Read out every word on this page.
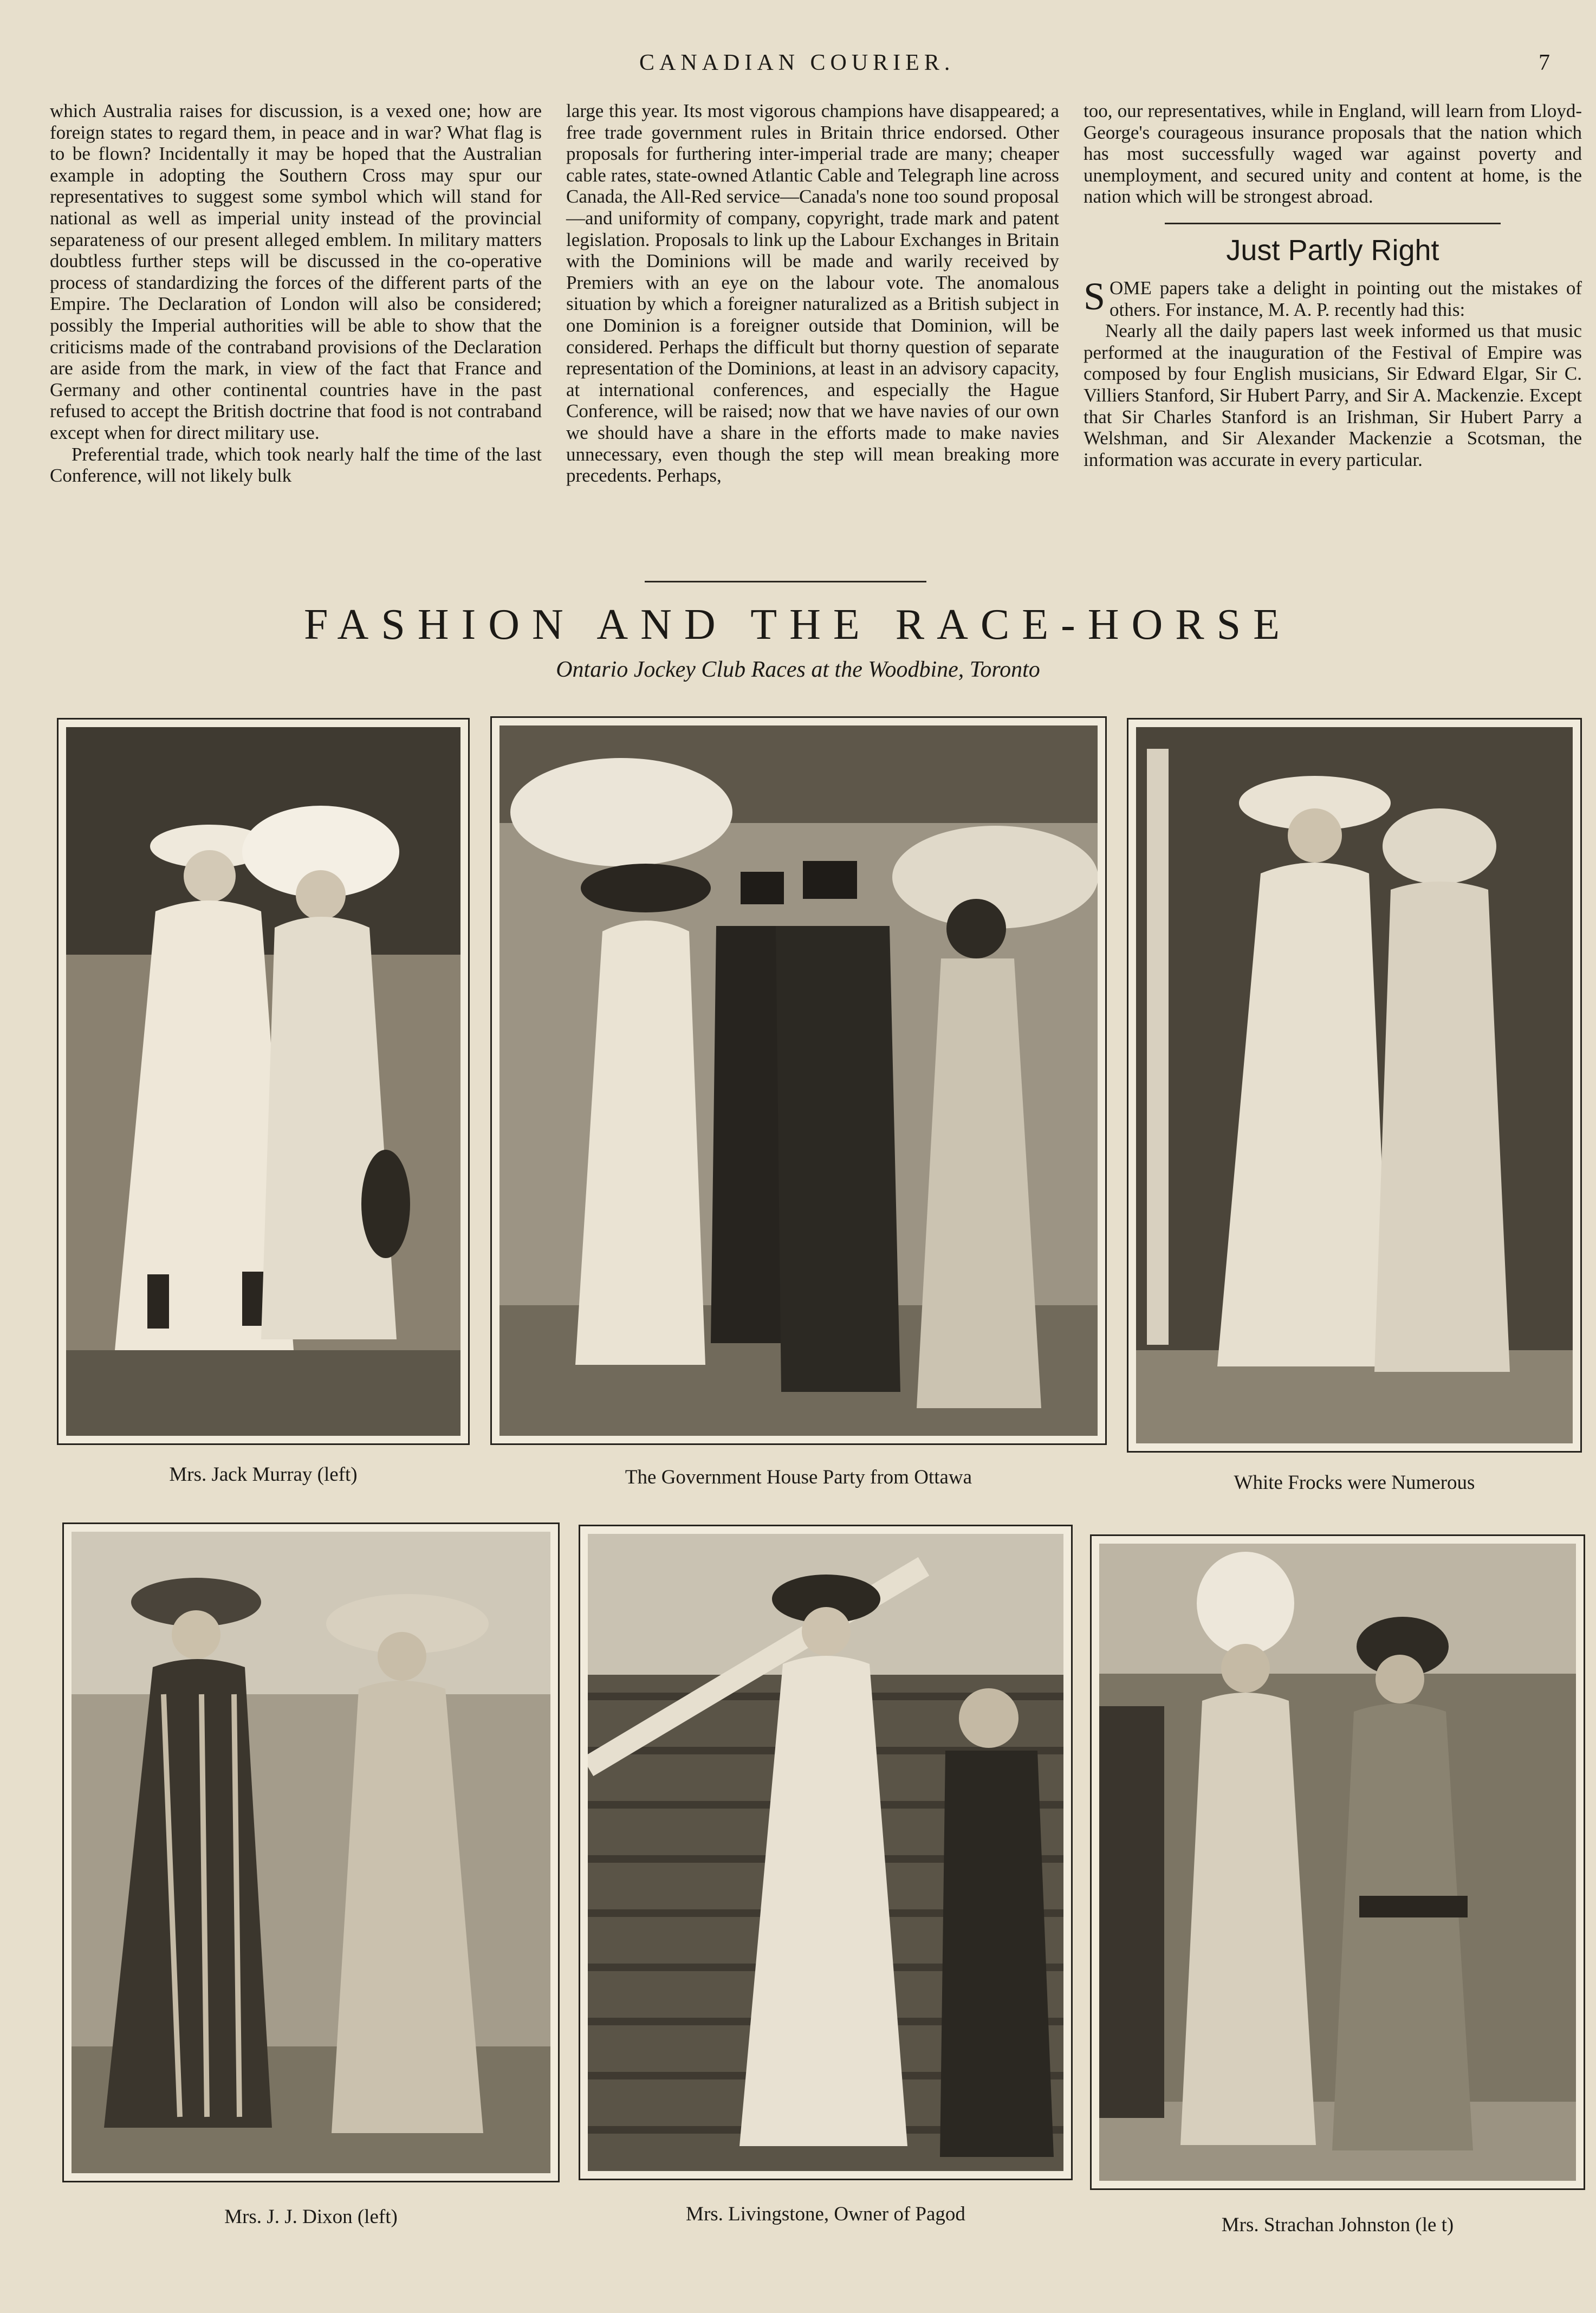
CANADIAN COURIER.	7

which Australia raises for discussion, is a vexed one; how are foreign states to regard them, in peace and in war? What flag is to be flown? Incidentally it may be hoped that the Australian example in adopting the Southern Cross may spur our representatives to suggest some symbol which will stand for national as well as imperial unity instead of the provincial separateness of our present alleged emblem. In military matters doubtless further steps will be discussed in the co-operative process of standardizing the forces of the different parts of the Empire. The Declaration of London will also be considered; possibly the Imperial authorities will be able to show that the criticisms made of the contraband provisions of the Declaration are aside from the mark, in view of the fact that France and Germany and other continental countries have in the past refused to accept the British doctrine that food is not contraband except when for direct military use.

Preferential trade, which took nearly half the time of the last Conference, will not likely bulk

large this year. Its most vigorous champions have disappeared; a free trade government rules in Britain thrice endorsed. Other proposals for furthering inter-imperial trade are many; cheaper cable rates, state-owned Atlantic Cable and Telegraph line across Canada, the All-Red service—Canada's none too sound proposal—and uniformity of company, copyright, trade mark and patent legislation. Proposals to link up the Labour Exchanges in Britain with the Dominions will be made and warily received by Premiers with an eye on the labour vote. The anomalous situation by which a foreigner naturalized as a British subject in one Dominion is a foreigner outside that Dominion, will be considered. Perhaps the difficult but thorny question of separate representation of the Dominions, at least in an advisory capacity, at international conferences, and especially the Hague Conference, will be raised; now that we have navies of our own we should have a share in the efforts made to make navies unnecessary, even though the step will mean breaking more precedents. Perhaps,

too, our representatives, while in England, will learn from Lloyd-George's courageous insurance proposals that the nation which has most successfully waged war against poverty and unemployment, and secured unity and content at home, is the nation which will be strongest abroad.

Just Partly Right

S OME papers take a delight in pointing out the mistakes of others. For instance, M. A. P. recently had this:

Nearly all the daily papers last week informed us that music performed at the inauguration of the Festival of Empire was composed by four English musicians, Sir Edward Elgar, Sir C. Villiers Stanford, Sir Hubert Parry, and Sir A. Mackenzie. Except that Sir Charles Stanford is an Irishman, Sir Hubert Parry a Welshman, and Sir Alexander Mackenzie a Scotsman, the information was accurate in every particular.

FASHION AND THE RACE-HORSE
Ontario Jockey Club Races at the Woodbine, Toronto
Mrs. Jack Murray (left)	The Government House Party from Ottawa	White Frocks were Numerous
Mrs. J. J. Dixon (left)	Mrs. Livingstone, Owner of Pagod	Mrs. Strachan Johnston (le t)
